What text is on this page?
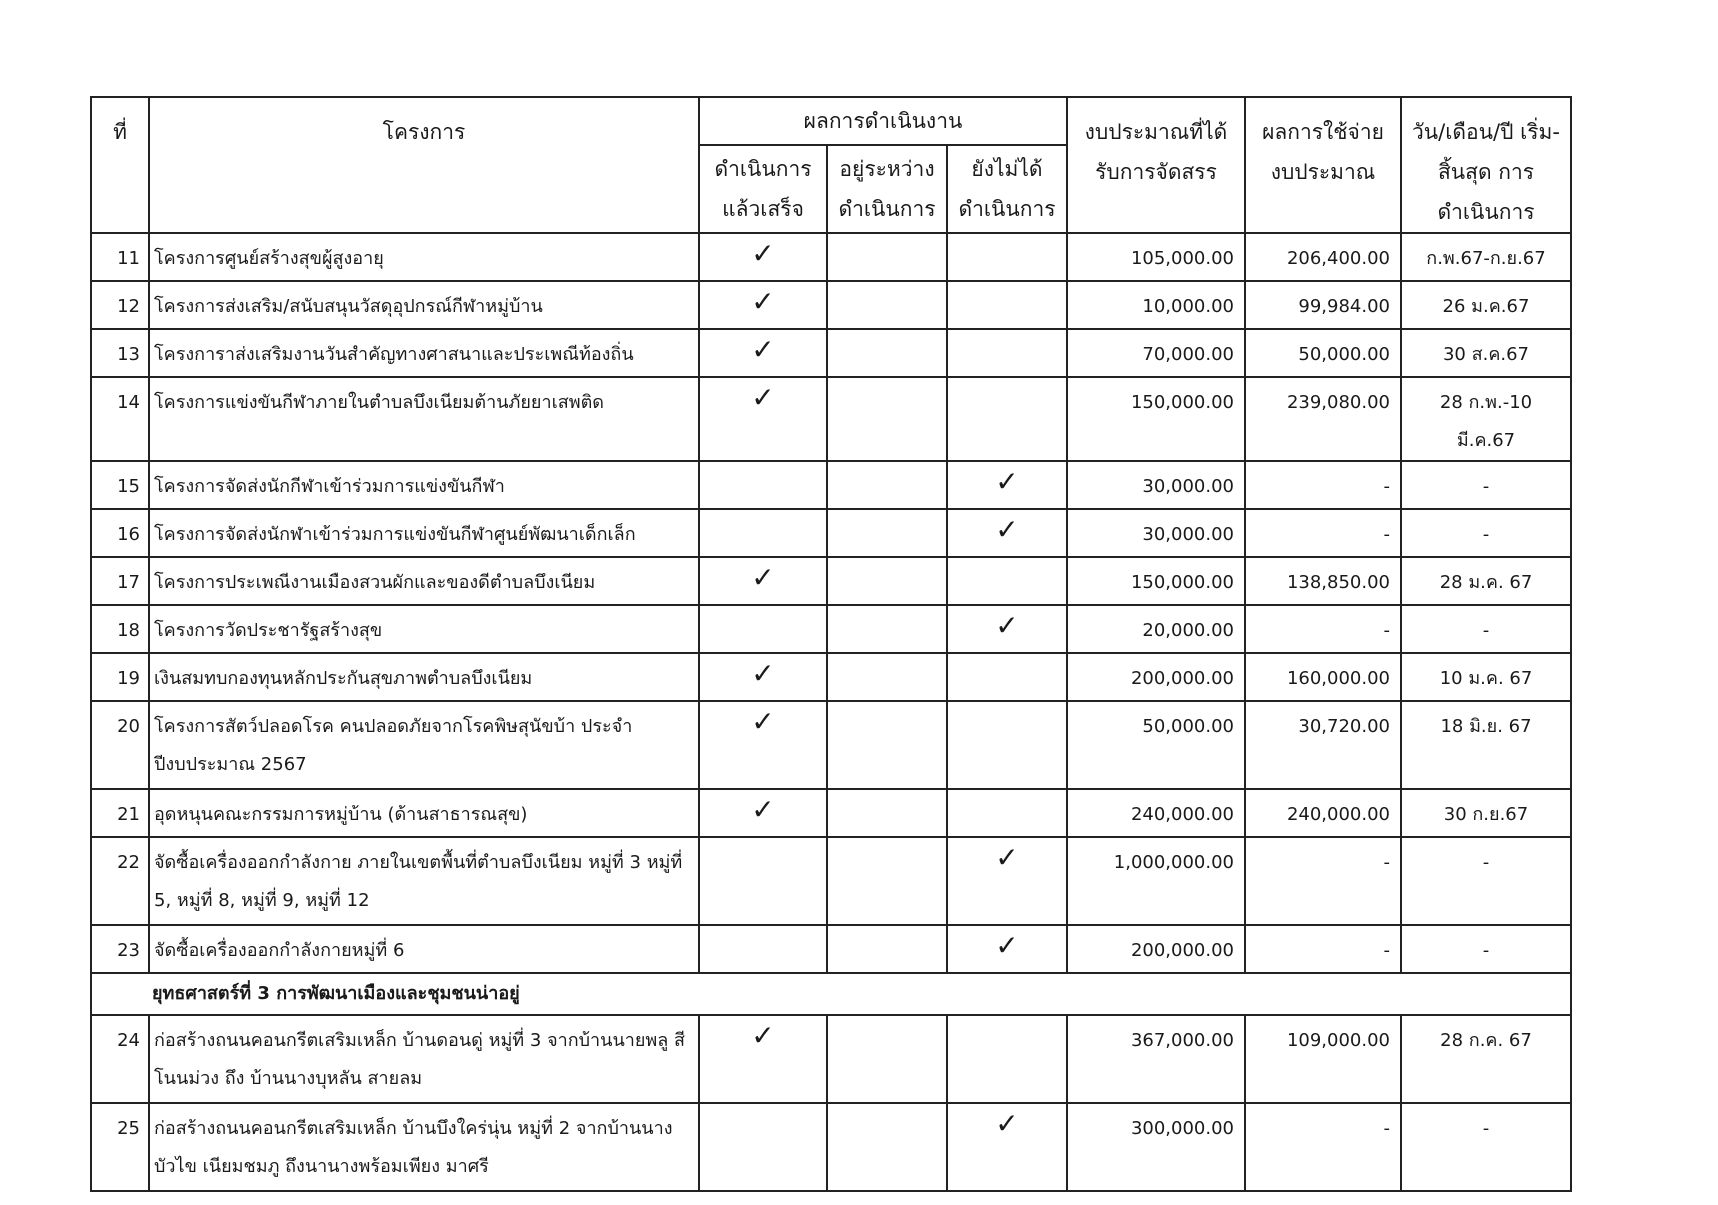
ที่	โครงการ	ผลการดำเนินงาน			งบประมาณที่ได้รับการจัดสรร	ผลการใช้จ่ายงบประมาณ	วัน/เดือน/ปี เริ่ม-สิ้นสุด การดำเนินการ
		ดำเนินการแล้วเสร็จ	อยู่ระหว่างดำเนินการ	ยังไม่ได้ดำเนินการ			
11	โครงการศูนย์สร้างสุขผู้สูงอายุ	✓			105,000.00	206,400.00	ก.พ.67-ก.ย.67
12	โครงการส่งเสริม/สนับสนุนวัสดุอุปกรณ์กีฬาหมู่บ้าน	✓			10,000.00	99,984.00	26 ม.ค.67
13	โครงการาส่งเสริมงานวันสำคัญทางศาสนาและประเพณีท้องถิ่น	✓			70,000.00	50,000.00	30 ส.ค.67
14	โครงการแข่งขันกีฬาภายในตำบลบึงเนียมต้านภัยยาเสพติด	✓			150,000.00	239,080.00	28 ก.พ.-10 มี.ค.67
15	โครงการจัดส่งนักกีฬาเข้าร่วมการแข่งขันกีฬา			✓	30,000.00	-	-
16	โครงการจัดส่งนักฬาเข้าร่วมการแข่งขันกีฬาศูนย์พัฒนาเด็กเล็ก			✓	30,000.00	-	-
17	โครงการประเพณีงานเมืองสวนผักและของดีตำบลบึงเนียม	✓			150,000.00	138,850.00	28 ม.ค. 67
18	โครงการวัดประชารัฐสร้างสุข			✓	20,000.00	-	-
19	เงินสมทบกองทุนหลักประกันสุขภาพตำบลบึงเนียม	✓			200,000.00	160,000.00	10 ม.ค. 67
20	โครงการสัตว์ปลอดโรค คนปลอดภัยจากโรคพิษสุนัขบ้า ประจำปีงบประมาณ 2567	✓			50,000.00	30,720.00	18 มิ.ย. 67
21	อุดหนุนคณะกรรมการหมู่บ้าน (ด้านสาธารณสุข)	✓			240,000.00	240,000.00	30 ก.ย.67
22	จัดซื้อเครื่องออกกำลังกาย ภายในเขตพื้นที่ตำบลบึงเนียม หมู่ที่ 3 หมู่ที่ 5, หมู่ที่ 8, หมู่ที่ 9, หมู่ที่ 12			✓	1,000,000.00	-	-
23	จัดซื้อเครื่องออกกำลังกายหมู่ที่ 6			✓	200,000.00	-	-
ยุทธศาสตร์ที่ 3 การพัฒนาเมืองและชุมชนน่าอยู่							
24	ก่อสร้างถนนคอนกรีตเสริมเหล็ก บ้านดอนดู่ หมู่ที่ 3 จากบ้านนายพลู สีโนนม่วง ถึง บ้านนางบุหลัน สายลม	✓			367,000.00	109,000.00	28 ก.ค. 67
25	ก่อสร้างถนนคอนกรีตเสริมเหล็ก บ้านบึงใคร่นุ่น หมู่ที่ 2 จากบ้านนางบัวไข เนียมชมภู ถึงนานางพร้อมเพียง มาศรี			✓	300,000.00	-	-
